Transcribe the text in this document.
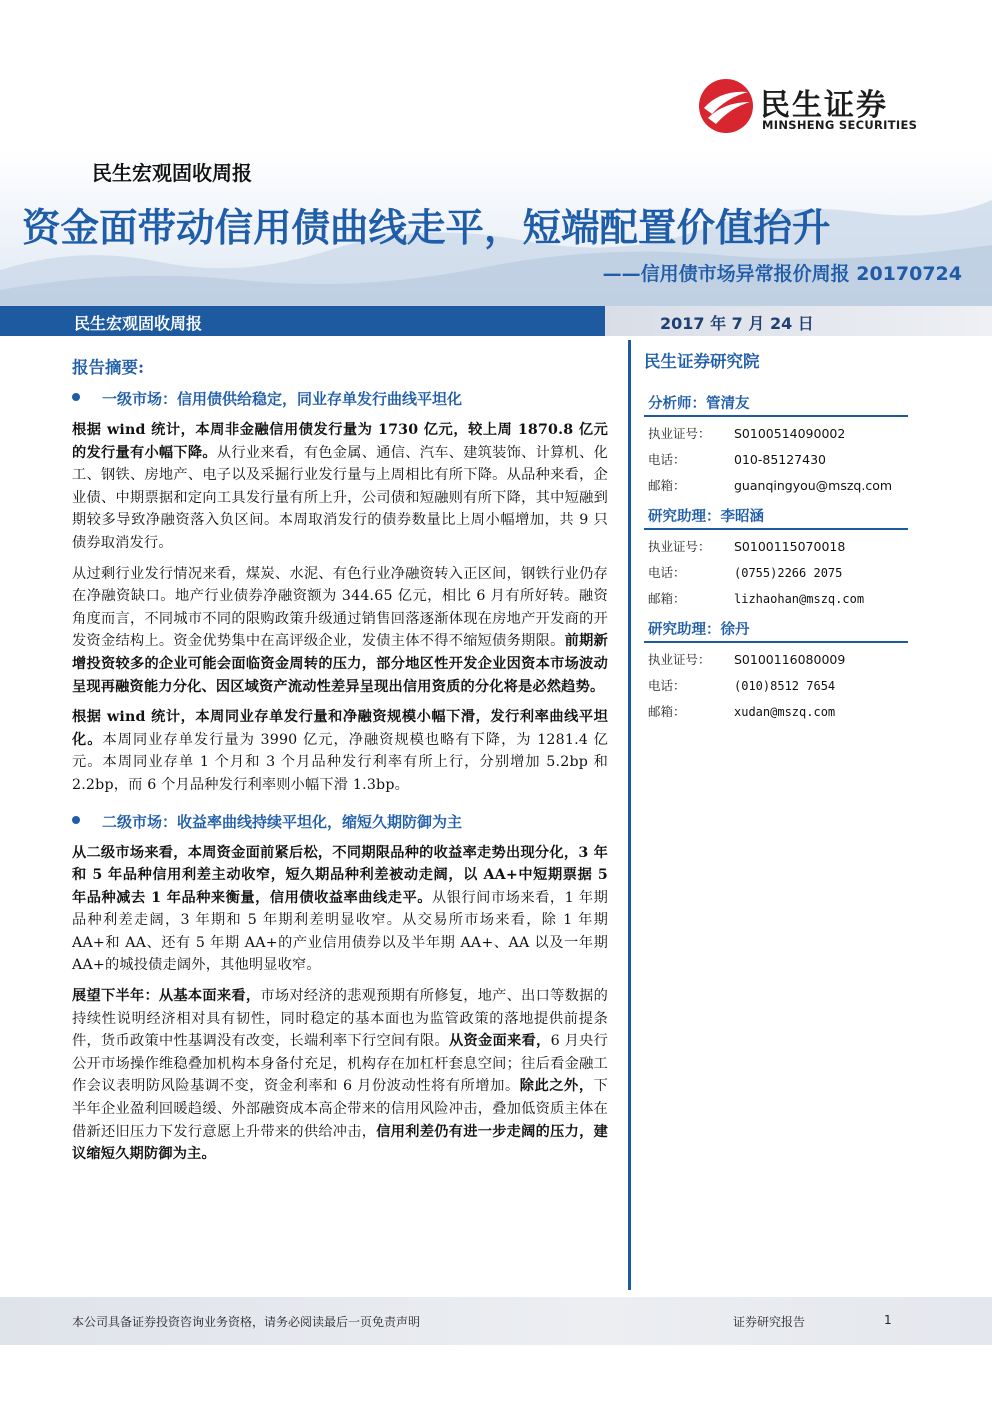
民生证券
MINSHENG SECURITIES
民生宏观固收周报
资金面带动信用债曲线走平，短端配置价值抬升
——信用债市场异常报价周报 20170724
民生宏观固收周报	2017 年 7 月 24 日
报告摘要:
一级市场：信用债供给稳定，同业存单发行曲线平坦化

根据 wind 统计，本周非金融信用债发行量为 1730 亿元，较上周 1870.8 亿元的发行量有小幅下降。从行业来看，有色金属、通信、汽车、建筑装饰、计算机、化工、钢铁、房地产、电子以及采掘行业发行量与上周相比有所下降。从品种来看，企业债、中期票据和定向工具发行量有所上升，公司债和短融则有所下降，其中短融到期较多导致净融资落入负区间。本周取消发行的债券数量比上周小幅增加，共 9 只债券取消发行。

从过剩行业发行情况来看，煤炭、水泥、有色行业净融资转入正区间，钢铁行业仍存在净融资缺口。地产行业债券净融资额为 344.65 亿元，相比 6 月有所好转。融资角度而言，不同城市不同的限购政策升级通过销售回落逐渐体现在房地产开发商的开发资金结构上。资金优势集中在高评级企业，发债主体不得不缩短债务期限。前期新增投资较多的企业可能会面临资金周转的压力，部分地区性开发企业因资本市场波动呈现再融资能力分化、因区域资产流动性差异呈现出信用资质的分化将是必然趋势。

根据 wind 统计，本周同业存单发行量和净融资规模小幅下滑，发行利率曲线平坦化。本周同业存单发行量为 3990 亿元，净融资规模也略有下降，为 1281.4 亿元。本周同业存单 1 个月和 3 个月品种发行利率有所上行，分别增加 5.2bp 和 2.2bp，而 6 个月品种发行利率则小幅下滑 1.3bp。

二级市场：收益率曲线持续平坦化，缩短久期防御为主

从二级市场来看，本周资金面前紧后松，不同期限品种的收益率走势出现分化，3 年和 5 年品种信用利差主动收窄，短久期品种利差被动走阔，以 AA+中短期票据 5 年品种减去 1 年品种来衡量，信用债收益率曲线走平。从银行间市场来看，1 年期品种利差走阔，3 年期和 5 年期利差明显收窄。从交易所市场来看，除 1 年期 AA+和 AA、还有 5 年期 AA+的产业信用债券以及半年期 AA+、AA 以及一年期 AA+的城投债走阔外，其他明显收窄。

展望下半年：从基本面来看，市场对经济的悲观预期有所修复，地产、出口等数据的持续性说明经济相对具有韧性，同时稳定的基本面也为监管政策的落地提供前提条件，货币政策中性基调没有改变，长端利率下行空间有限。从资金面来看，6 月央行公开市场操作维稳叠加机构本身备付充足，机构存在加杠杆套息空间；往后看金融工作会议表明防风险基调不变，资金利率和 6 月份波动性将有所增加。除此之外，下半年企业盈利回暖趋缓、外部融资成本高企带来的信用风险冲击，叠加低资质主体在借新还旧压力下发行意愿上升带来的供给冲击，信用利差仍有进一步走阔的压力，建议缩短久期防御为主。

民生证券研究院
分析师：管清友
执业证号：	S0100514090002
电话：	010-85127430
邮箱：	guanqingyou@mszq.com
研究助理：李昭涵
执业证号：	S0100115070018
电话：	(0755)2266 2075
邮箱：	lizhaohan@mszq.com
研究助理：徐丹
执业证号：	S0100116080009
电话：	(010)8512 7654
邮箱：	xudan@mszq.com
本公司具备证券投资咨询业务资格，请务必阅读最后一页免责声明	证券研究报告	1
